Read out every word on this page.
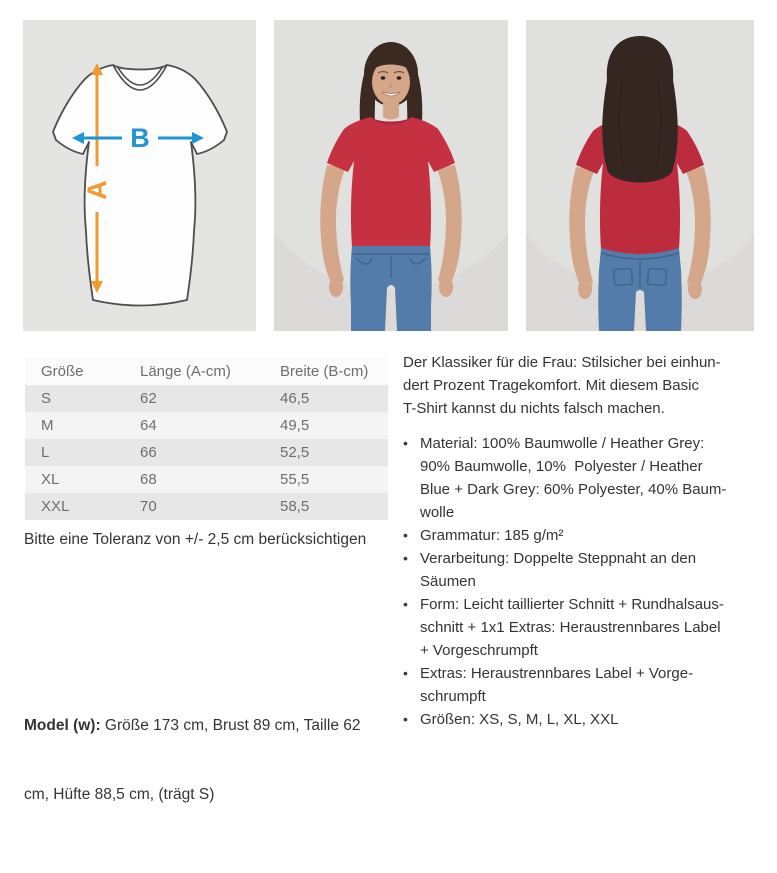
A
B
Größe	Länge (A-cm)	Breite (B-cm)
S	62	46,5
M	64	49,5
L	66	52,5
XL	68	55,5
XXL	70	58,5
Bitte eine Toleranz von +/- 2,5 cm berücksichtigen

Model (w): Größe 173 cm, Brust 89 cm, Taille 62

cm, Hüfte 88,5 cm, (trägt S)

Der Klassiker für die Frau: Stilsicher bei einhun-
dert Prozent Tragekomfort. Mit diesem Basic
T-Shirt kannst du nichts falsch machen.
• Material: 100% Baumwolle / Heather Grey:
90% Baumwolle, 10%  Polyester / Heather
Blue + Dark Grey: 60% Polyester, 40% Baum-
wolle
• Grammatur: 185 g/m²
• Verarbeitung: Doppelte Steppnaht an den
Säumen
• Form: Leicht taillierter Schnitt + Rundhalsaus-
schnitt + 1x1 Extras: Heraustrennbares Label
+ Vorgeschrumpft
• Extras: Heraustrennbares Label + Vorge-
schrumpft
• Größen: XS, S, M, L, XL, XXL
